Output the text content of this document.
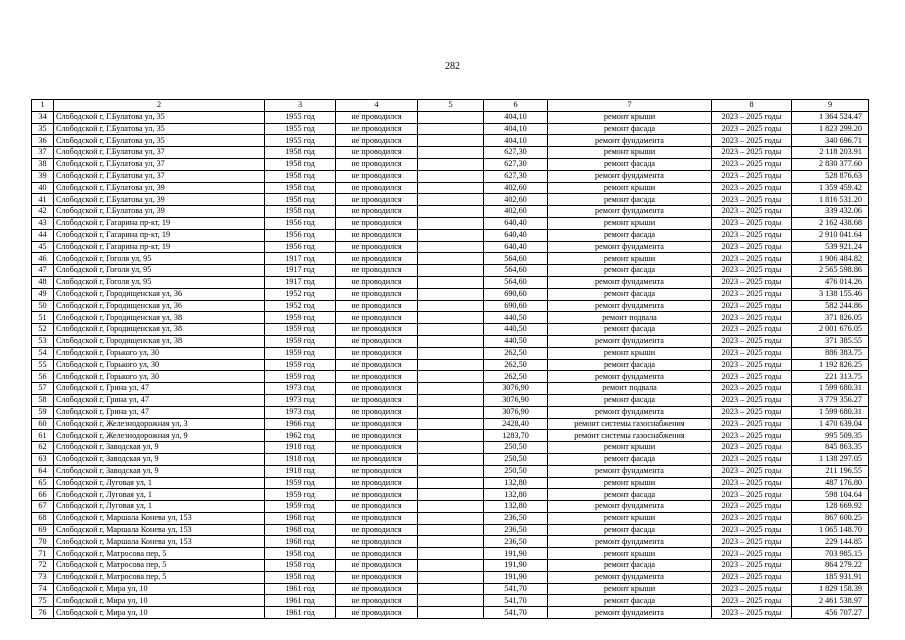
282
1	2	3	4	5	6	7	8	9
34	Слободской г, Г.Булатова ул, 35	1955 год	не проводился		404,10	ремонт крыши	2023 – 2025 годы	1 364 524.47
35	Слободской г, Г.Булатова ул, 35	1955 год	не проводился		404,10	ремонт фасада	2023 – 2025 годы	1 823 299.20
36	Слободской г, Г.Булатова ул, 35	1955 год	не проводился		404,10	ремонт фундамента	2023 – 2025 годы	340 696.71
37	Слободской г, Г.Булатова ул, 37	1958 год	не проводился		627,30	ремонт крыши	2023 – 2025 годы	2 118 203.91
38	Слободской г, Г.Булатова ул, 37	1958 год	не проводился		627,30	ремонт фасада	2023 – 2025 годы	2 830 377.60
39	Слободской г, Г.Булатова ул, 37	1958 год	не проводился		627,30	ремонт фундамента	2023 – 2025 годы	528 876.63
40	Слободской г, Г.Булатова ул, 39	1958 год	не проводился		402,60	ремонт крыши	2023 – 2025 годы	1 359 459.42
41	Слободской г, Г.Булатова ул, 39	1958 год	не проводился		402,60	ремонт фасада	2023 – 2025 годы	1 816 531.20
42	Слободской г, Г.Булатова ул, 39	1958 год	не проводился		402,60	ремонт фундамента	2023 – 2025 годы	339 432.06
43	Слободской г, Гагарина пр-кт, 19	1956 год	не проводился		640,40	ремонт крыши	2023 – 2025 годы	2 162 438.68
44	Слободской г, Гагарина пр-кт, 19	1956 год	не проводился		640,40	ремонт фасада	2023 – 2025 годы	2 910 041.64
45	Слободской г, Гагарина пр-кт, 19	1956 год	не проводился		640,40	ремонт фундамента	2023 – 2025 годы	539 921.24
46	Слободской г, Гоголя ул, 95	1917 год	не проводился		564,60	ремонт крыши	2023 – 2025 годы	1 906 484.82
47	Слободской г, Гоголя ул, 95	1917 год	не проводился		564,60	ремонт фасада	2023 – 2025 годы	2 565 598.86
48	Слободской г, Гоголя ул, 95	1917 год	не проводился		564,60	ремонт фундамента	2023 – 2025 годы	476 014.26
49	Слободской г, Городищенская ул, 36	1952 год	не проводился		690,60	ремонт фасада	2023 – 2025 годы	3 138 155.46
50	Слободской г, Городищенская ул, 36	1952 год	не проводился		690,60	ремонт фундамента	2023 – 2025 годы	582 244.86
51	Слободской г, Городищенская ул, 38	1959 год	не проводился		440,50	ремонт подвала	2023 – 2025 годы	371 826.05
52	Слободской г, Городищенская ул, 38	1959 год	не проводился		440,50	ремонт фасада	2023 – 2025 годы	2 001 676.05
53	Слободской г, Городищенская ул, 38	1959 год	не проводился		440,50	ремонт фундамента	2023 – 2025 годы	371 385.55
54	Слободской г, Горького ул, 30	1959 год	не проводился		262,50	ремонт крыши	2023 – 2025 годы	886 383.75
55	Слободской г, Горького ул, 30	1959 год	не проводился		262,50	ремонт фасада	2023 – 2025 годы	1 192 826.25
56	Слободской г, Горького ул, 30	1959 год	не проводился		262,50	ремонт фундамента	2023 – 2025 годы	221 313.75
57	Слободской г, Грина ул, 47	1973 год	не проводился		3076,90	ремонт подвала	2023 – 2025 годы	1 599 680.31
58	Слободской г, Грина ул, 47	1973 год	не проводился		3076,90	ремонт фасада	2023 – 2025 годы	3 779 356.27
59	Слободской г, Грина ул, 47	1973 год	не проводился		3076,90	ремонт фундамента	2023 – 2025 годы	1 599 680.31
60	Слободской г, Железнодорожная ул, 3	1966 год	не проводился		2428,40	ремонт системы газоснабжения	2023 – 2025 годы	1 470 639.04
61	Слободской г, Железнодорожная ул, 9	1962 год	не проводился		1283,70	ремонт системы газоснабжения	2023 – 2025 годы	995 509.35
62	Слободской г, Заводская ул, 9	1918 год	не проводился		250,50	ремонт крыши	2023 – 2025 годы	845 863.35
63	Слободской г, Заводская ул, 9	1918 год	не проводился		250,50	ремонт фасада	2023 – 2025 годы	1 138 297.05
64	Слободской г, Заводская ул, 9	1918 год	не проводился		250,50	ремонт фундамента	2023 – 2025 годы	211 196.55
65	Слободской г, Луговая ул, 1	1959 год	не проводился		132,80	ремонт крыши	2023 – 2025 годы	487 176.80
66	Слободской г, Луговая ул, 1	1959 год	не проводился		132,80	ремонт фасада	2023 – 2025 годы	598 104.64
67	Слободской г, Луговая ул, 1	1959 год	не проводился		132,80	ремонт фундамента	2023 – 2025 годы	128 669.92
68	Слободской г, Маршала Конева ул, 153	1968 год	не проводился		236,50	ремонт крыши	2023 – 2025 годы	867 600.25
69	Слободской г, Маршала Конева ул, 153	1968 год	не проводился		236,50	ремонт фасада	2023 – 2025 годы	1 065 148.70
70	Слободской г, Маршала Конева ул, 153	1968 год	не проводился		236,50	ремонт фундамента	2023 – 2025 годы	229 144.85
71	Слободской г, Матросова пер, 5	1958 год	не проводился		191,90	ремонт крыши	2023 – 2025 годы	703 985.15
72	Слободской г, Матросова пер, 5	1958 год	не проводился		191,90	ремонт фасада	2023 – 2025 годы	864 279.22
73	Слободской г, Матросова пер, 5	1958 год	не проводился		191,90	ремонт фундамента	2023 – 2025 годы	185 931.91
74	Слободской г, Мира ул, 10	1961 год	не проводился		541,70	ремонт крыши	2023 – 2025 годы	1 829 158.39
75	Слободской г, Мира ул, 10	1961 год	не проводился		541,70	ремонт фасада	2023 – 2025 годы	2 461 538.97
76	Слободской г, Мира ул, 10	1961 год	не проводился		541,70	ремонт фундамента	2023 – 2025 годы	456 707.27
